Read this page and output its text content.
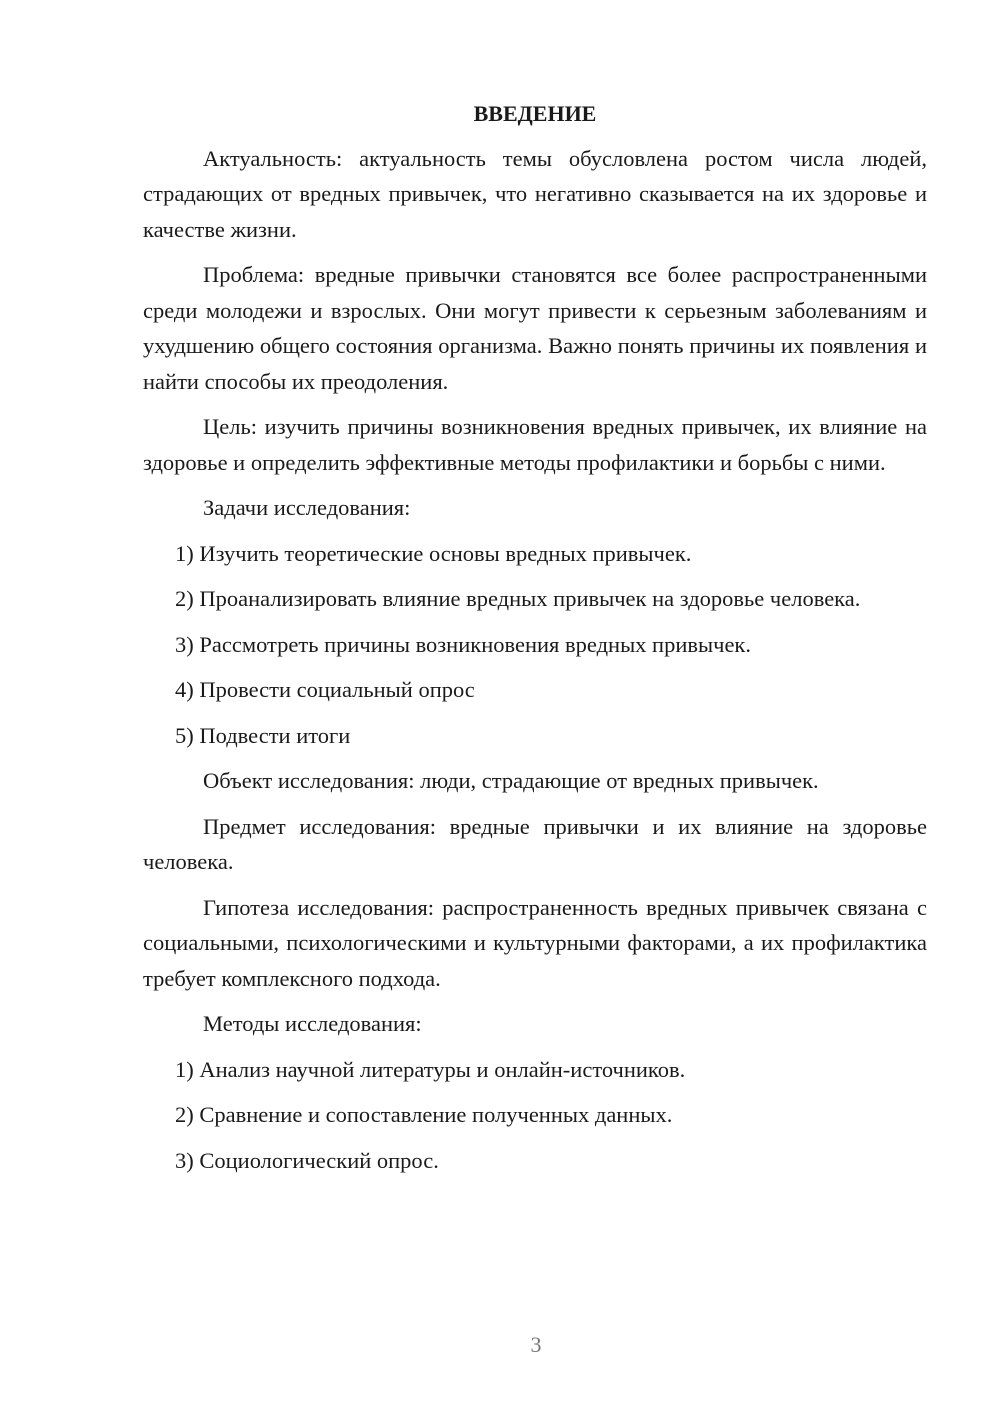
ВВЕДЕНИЕ

Актуальность: актуальность темы обусловлена ростом числа людей, страдающих от вредных привычек, что негативно сказывается на их здоровье и качестве жизни.

Проблема: вредные привычки становятся все более распространенными среди молодежи и взрослых. Они могут привести к серьезным заболеваниям и ухудшению общего состояния организма. Важно понять причины их появления и найти способы их преодоления.

Цель: изучить причины возникновения вредных привычек, их влияние на здоровье и определить эффективные методы профилактики и борьбы с ними.

Задачи исследования:

1) Изучить теоретические основы вредных привычек.

2) Проанализировать влияние вредных привычек на здоровье человека.

3) Рассмотреть причины возникновения вредных привычек.

4) Провести социальный опрос

5) Подвести итоги

Объект исследования: люди, страдающие от вредных привычек.

Предмет исследования: вредные привычки и их влияние на здоровье человека.

Гипотеза исследования: распространенность вредных привычек связана с социальными, психологическими и культурными факторами, а их профилактика требует комплексного подхода.

Методы исследования:

1) Анализ научной литературы и онлайн-источников.

2) Сравнение и сопоставление полученных данных.

3) Социологический опрос.

3
